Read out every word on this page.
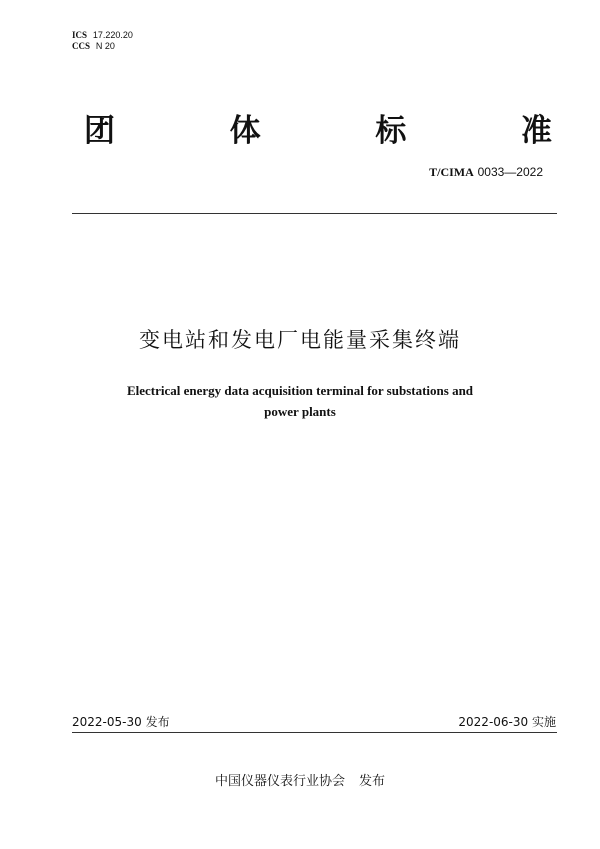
ICS 17.220.20
CCS N 20
团	体	标	准
T/CIMA 0033—2022
变电站和发电厂电能量采集终端
Electrical energy data acquisition terminal for substations and
power plants
2022-05-30 发布	2022-06-30 实施
中国仪器仪表行业协会 发布
